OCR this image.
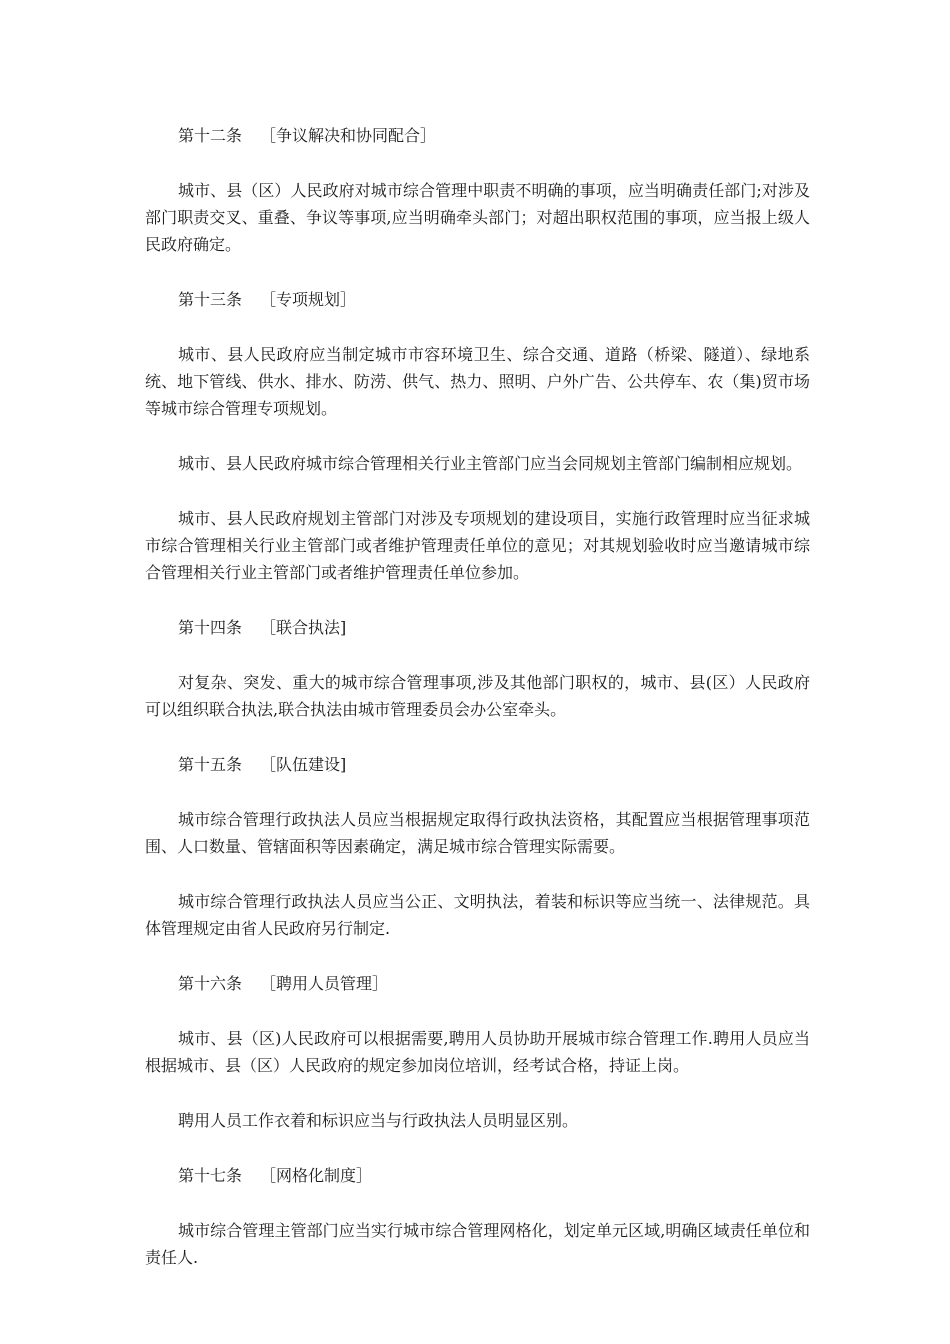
第十二条 ［争议解决和协同配合］

城市、县（区）人民政府对城市综合管理中职责不明确的事项，应当明确责任部门;对涉及部门职责交叉、重叠、争议等事项,应当明确牵头部门；对超出职权范围的事项，应当报上级人民政府确定。

第十三条 ［专项规划］

城市、县人民政府应当制定城市市容环境卫生、综合交通、道路（桥梁、隧道）、绿地系统、地下管线、供水、排水、防涝、供气、热力、照明、户外广告、公共停车、农（集)贸市场等城市综合管理专项规划。

城市、县人民政府城市综合管理相关行业主管部门应当会同规划主管部门编制相应规划。

城市、县人民政府规划主管部门对涉及专项规划的建设项目，实施行政管理时应当征求城市综合管理相关行业主管部门或者维护管理责任单位的意见；对其规划验收时应当邀请城市综合管理相关行业主管部门或者维护管理责任单位参加。

第十四条 ［联合执法]

对复杂、突发、重大的城市综合管理事项,涉及其他部门职权的，城市、县(区）人民政府可以组织联合执法,联合执法由城市管理委员会办公室牵头。

第十五条 ［队伍建设]

城市综合管理行政执法人员应当根据规定取得行政执法资格，其配置应当根据管理事项范围、人口数量、管辖面积等因素确定，满足城市综合管理实际需要。

城市综合管理行政执法人员应当公正、文明执法，着装和标识等应当统一、法律规范。具体管理规定由省人民政府另行制定.

第十六条 ［聘用人员管理］

城市、县（区)人民政府可以根据需要,聘用人员协助开展城市综合管理工作.聘用人员应当根据城市、县（区）人民政府的规定参加岗位培训，经考试合格，持证上岗。

聘用人员工作衣着和标识应当与行政执法人员明显区别。

第十七条 ［网格化制度］

城市综合管理主管部门应当实行城市综合管理网格化，划定单元区域,明确区域责任单位和责任人.
